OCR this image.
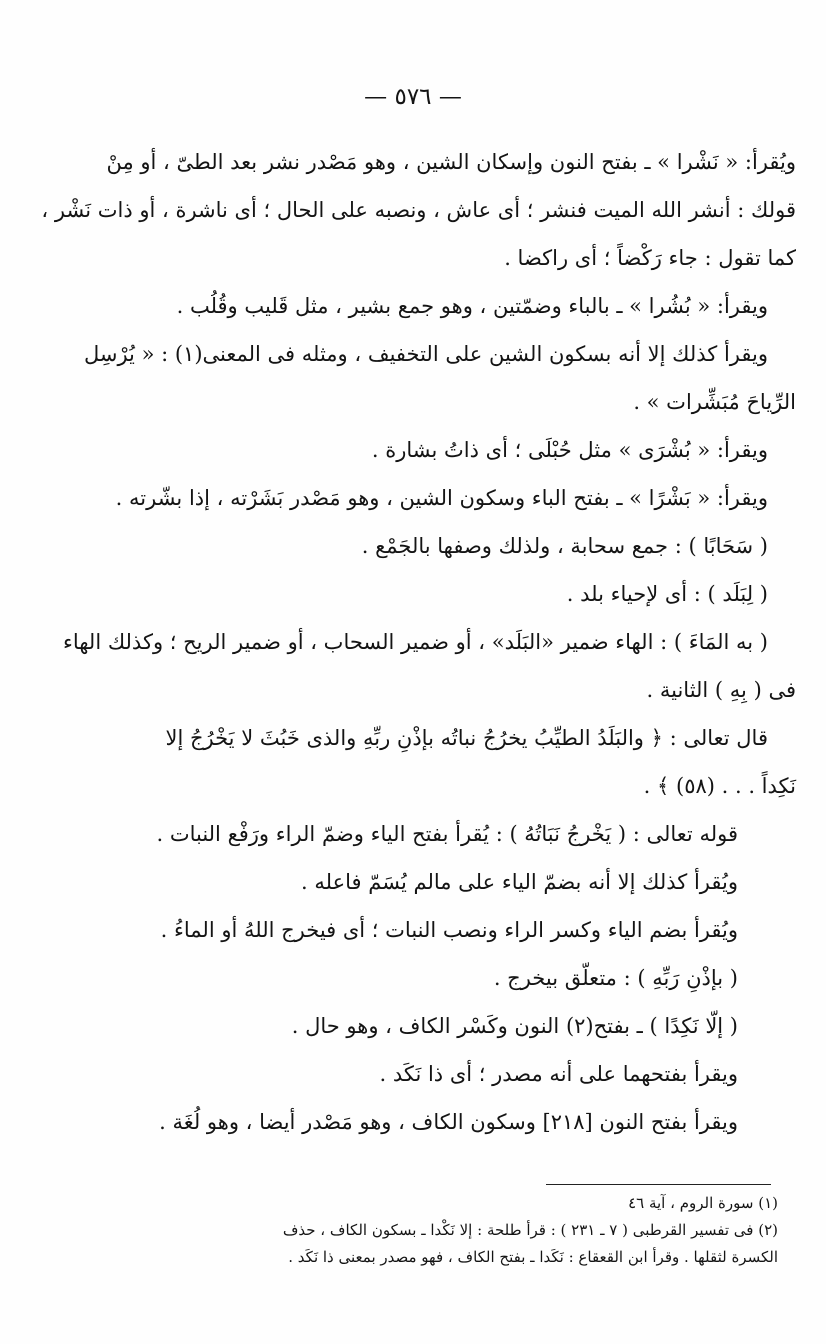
— ٥٧٦ —

ويُقرأ: « نَشْرا » ـ بفتح النون وإسكان الشين ، وهو مَصْدر نشر بعد الطىّ ، أو مِنْ

قولك : أنشر الله الميت فنشر ؛ أى عاش ، ونصبه على الحال ؛ أى ناشرة ، أو ذات نَشْر ،

كما تقول : جاء رَكْضاً ؛ أى راكضا .

ويقرأ: « بُشُرا » ـ بالباء وضمّتين ، وهو جمع بشير ، مثل قَليب وقُلُب .

ويقرأ كذلك إلا أنه بسكون الشين على التخفيف ، ومثله فى المعنى(١) : « يُرْسِل

الرِّياحَ مُبَشِّرات » .

ويقرأ: « بُشْرَى » مثل حُبْلَى ؛ أى ذاتُ بشارة .

ويقرأ: « بَشْرًا » ـ بفتح الباء وسكون الشين ، وهو مَصْدر بَشَرْته ، إذا بشّرته .

( سَحَابًا ) : جمع سحابة ، ولذلك وصفها بالجَمْع .

( لِبَلَد ) : أى لإحياء بلد .

( به المَاءَ ) : الهاء ضمير «البَلَد» ، أو ضمير السحاب ، أو ضمير الريح ؛ وكذلك الهاء

فى ( بِهِ ) الثانية .

قال تعالى : ﴿ والبَلَدُ الطيِّبُ يخرُجُ نباتُه بإذْنِ ربِّهِ والذى خَبُثَ لا يَخْرُجُ إلا

نَكِداً . . . (٥٨) ﴾ .

قوله تعالى : ( يَخْرجُ نَبَاتُهُ ) : يُقرأ بفتح الياء وضمّ الراء ورَفْع النبات .

ويُقرأ كذلك إلا أنه بضمّ الياء على مالم يُسَمّ فاعله .

ويُقرأ بضم الياء وكسر الراء ونصب النبات ؛ أى فيخرج اللهُ أو الماءُ .

( بإذْنِ رَبِّهِ ) : متعلّق بيخرج .

( إلّا نَكِدًا ) ـ بفتح(٢) النون وكَسْر الكاف ، وهو حال .

ويقرأ بفتحهما على أنه مصدر ؛ أى ذا نَكَد .

ويقرأ بفتح النون [٢١٨] وسكون الكاف ، وهو مَصْدر أيضا ، وهو لُغَة .

(١) سورة الروم ، آية ٤٦

(٢) فى تفسير القرطبى ( ٧ ـ ٢٣١ ) : قرأ طلحة : إلا نَكْدا ـ بسكون الكاف ، حذف

الكسرة لثقلها . وقرأ ابن القعقاع : نَكَدا ـ بفتح الكاف ، فهو مصدر بمعنى ذا نَكَد .
